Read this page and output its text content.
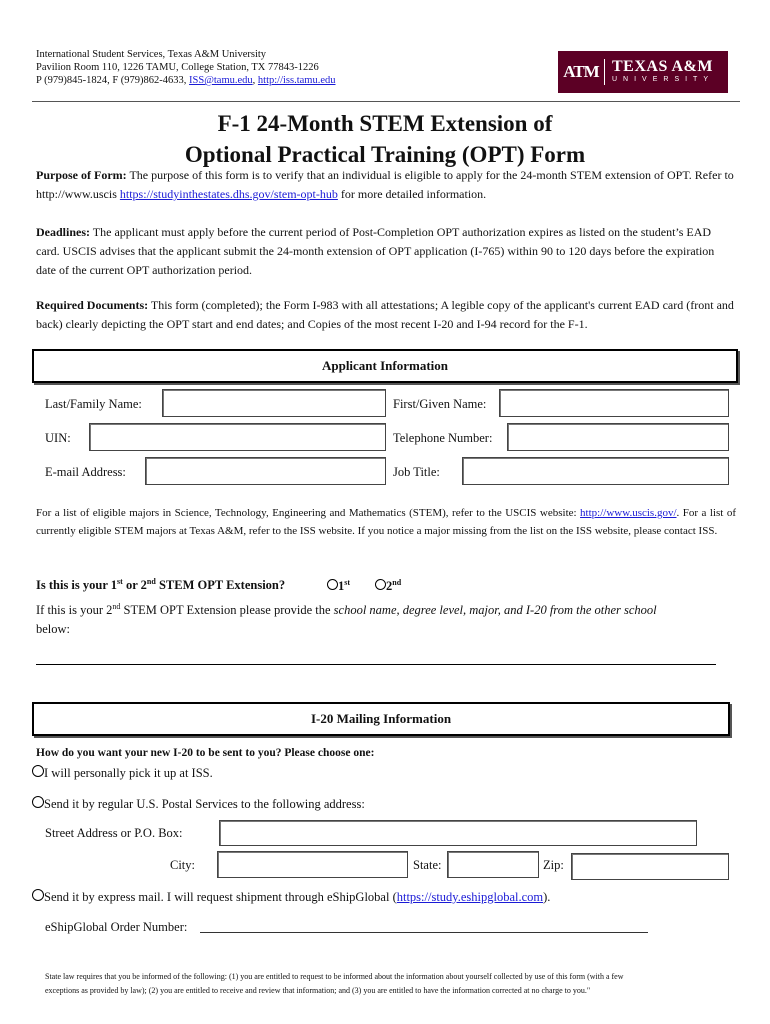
International Student Services, Texas A&M University
Pavilion Room 110, 1226 TAMU, College Station, TX 77843-1226
P (979)845-1824, F (979)862-4633, ISS@tamu.edu, http://iss.tamu.edu	ATM TEXAS A&M
UNIVERSITY
F-1 24-Month STEM Extension of
Optional Practical Training (OPT) Form
Purpose of Form: The purpose of this form is to verify that an individual is eligible to apply for the 24-month STEM extension of OPT. Refer to http://www.uscis https://studyinthestates.dhs.gov/stem-opt-hub for more detailed information.
Deadlines: The applicant must apply before the current period of Post-Completion OPT authorization expires as listed on the student’s EAD card. USCIS advises that the applicant submit the 24-month extension of OPT application (I-765) within 90 to 120 days before the expiration date of the current OPT authorization period.
Required Documents: This form (completed); the Form I-983 with all attestations; A legible copy of the applicant's current EAD card (front and back) clearly depicting the OPT start and end dates; and Copies of the most recent I-20 and I-94 record for the F-1.
Applicant Information
Last/Family Name:	First/Given Name:
UIN:	Telephone Number:
E-mail Address:	Job Title:
For a list of eligible majors in Science, Technology, Engineering and Mathematics (STEM), refer to the USCIS website: http://www.uscis.gov/. For a list of currently eligible STEM majors at Texas A&M, refer to the ISS website. If you notice a major missing from the list on the ISS website, please contact ISS.
Is this is your 1st or 2nd STEM OPT Extension?	1st	2nd
If this is your 2nd STEM OPT Extension please provide the school name, degree level, major, and I-20 from the other school
below:
I-20 Mailing Information
How do you want your new I-20 to be sent to you? Please choose one:
I will personally pick it up at ISS.
Send it by regular U.S. Postal Services to the following address:
Street Address or P.O. Box:
City:	State:	Zip:
Send it by express mail. I will request shipment through eShipGlobal (https://study.eshipglobal.com).
eShipGlobal Order Number:
State law requires that you be informed of the following: (1) you are entitled to request to be informed about the information about yourself collected by use of this form (with a few
exceptions as provided by law); (2) you are entitled to receive and review that information; and (3) you are entitled to have the information corrected at no charge to you."
